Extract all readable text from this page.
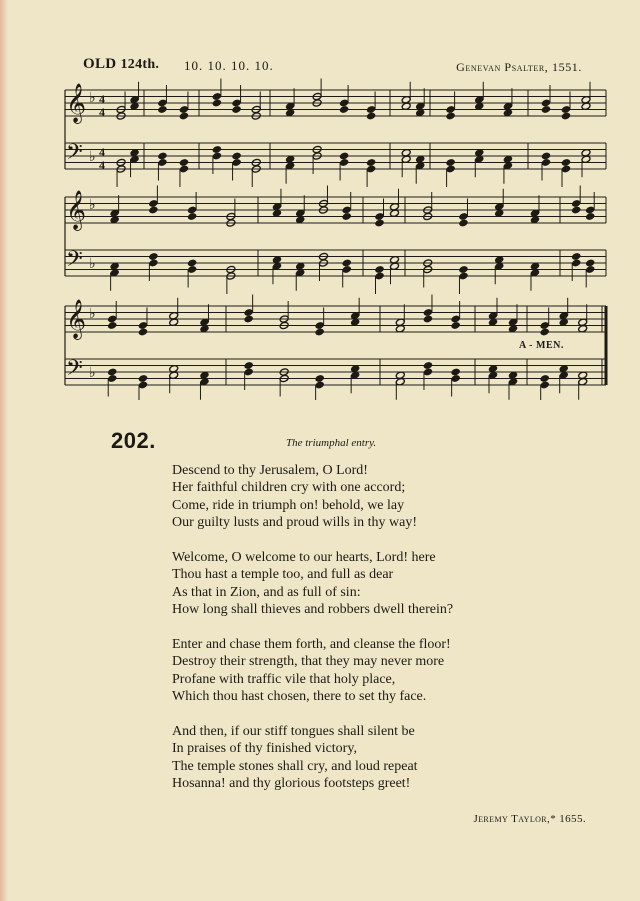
OLD 124th. 10. 10. 10. 10.	Genevan Psalter, 1551.
𝄞 ♭
𝄢 ♭
4
4
4
4
𝄞 ♭
𝄢 ♭
𝄞 ♭
𝄢 ♭
A - MEN.
202.	The triumphal entry.
Descend to thy Jerusalem, O Lord!
Her faithful children cry with one accord;
Come, ride in triumph on! behold, we lay
Our guilty lusts and proud wills in thy way!
Welcome, O welcome to our hearts, Lord! here
Thou hast a temple too, and full as dear
As that in Zion, and as full of sin:
How long shall thieves and robbers dwell therein?
Enter and chase them forth, and cleanse the floor!
Destroy their strength, that they may never more
Profane with traffic vile that holy place,
Which thou hast chosen, there to set thy face.
And then, if our stiff tongues shall silent be
In praises of thy finished victory,
The temple stones shall cry, and loud repeat
Hosanna! and thy glorious footsteps greet!
Jeremy Taylor,* 1655.
